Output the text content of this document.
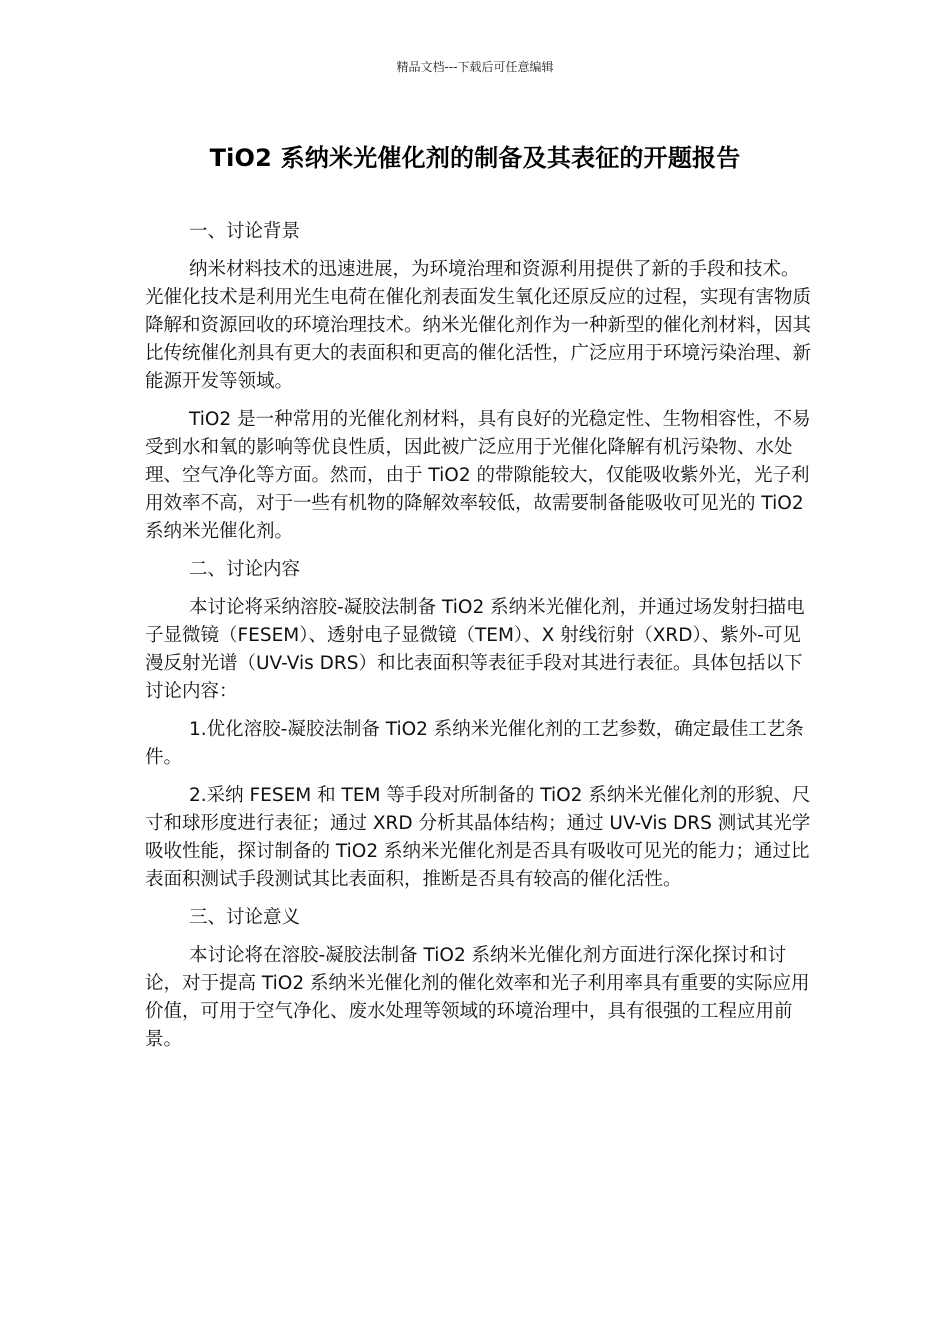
精品文档---下载后可任意编辑
TiO2 系纳米光催化剂的制备及其表征的开题报告

一、讨论背景

纳米材料技术的迅速进展，为环境治理和资源利用提供了新的手段和技术。光催化技术是利用光生电荷在催化剂表面发生氧化还原反应的过程，实现有害物质降解和资源回收的环境治理技术。纳米光催化剂作为一种新型的催化剂材料，因其比传统催化剂具有更大的表面积和更高的催化活性，广泛应用于环境污染治理、新能源开发等领域。

TiO2 是一种常用的光催化剂材料，具有良好的光稳定性、生物相容性，不易受到水和氧的影响等优良性质，因此被广泛应用于光催化降解有机污染物、水处理、空气净化等方面。然而，由于 TiO2 的带隙能较大，仅能吸收紫外光，光子利用效率不高，对于一些有机物的降解效率较低，故需要制备能吸收可见光的 TiO2 系纳米光催化剂。

二、讨论内容

本讨论将采纳溶胶-凝胶法制备 TiO2 系纳米光催化剂，并通过场发射扫描电子显微镜（FESEM）、透射电子显微镜（TEM）、X 射线衍射（XRD）、紫外-可见漫反射光谱（UV-Vis DRS）和比表面积等表征手段对其进行表征。具体包括以下讨论内容：

1.优化溶胶-凝胶法制备 TiO2 系纳米光催化剂的工艺参数，确定最佳工艺条件。

2.采纳 FESEM 和 TEM 等手段对所制备的 TiO2 系纳米光催化剂的形貌、尺寸和球形度进行表征；通过 XRD 分析其晶体结构；通过 UV-Vis DRS 测试其光学吸收性能，探讨制备的 TiO2 系纳米光催化剂是否具有吸收可见光的能力；通过比表面积测试手段测试其比表面积，推断是否具有较高的催化活性。

三、讨论意义

本讨论将在溶胶-凝胶法制备 TiO2 系纳米光催化剂方面进行深化探讨和讨论，对于提高 TiO2 系纳米光催化剂的催化效率和光子利用率具有重要的实际应用价值，可用于空气净化、废水处理等领域的环境治理中，具有很强的工程应用前景。
